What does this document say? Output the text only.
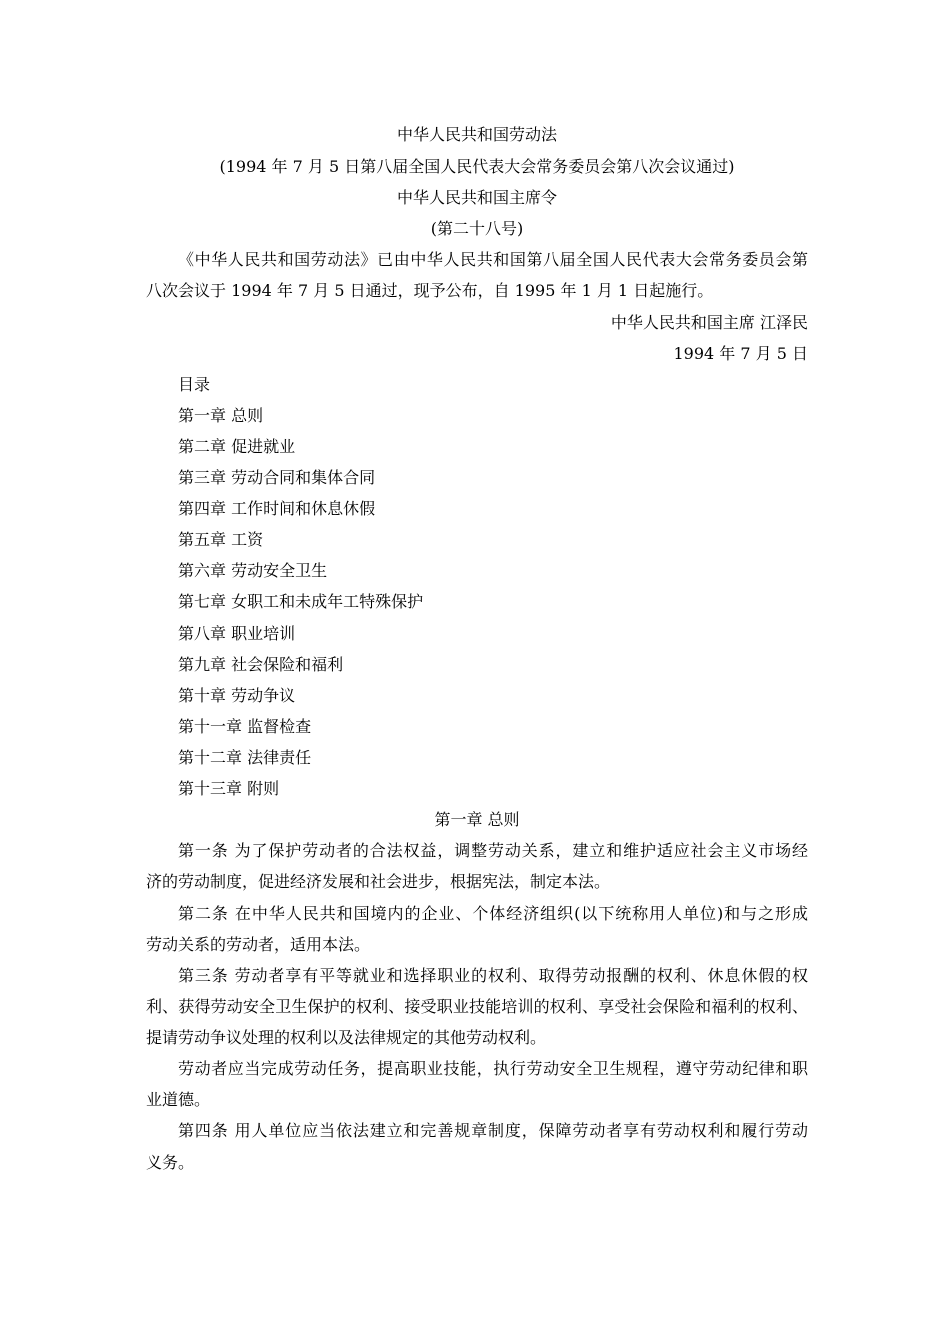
中华人民共和国劳动法
(1994 年 7 月 5 日第八届全国人民代表大会常务委员会第八次会议通过)
中华人民共和国主席令
(第二十八号)
《中华人民共和国劳动法》已由中华人民共和国第八届全国人民代表大会常务委员会第
八次会议于 1994 年 7 月 5 日通过，现予公布，自 1995 年 1 月 1 日起施行。
中华人民共和国主席 江泽民
1994 年 7 月 5 日
目录
第一章 总则
第二章 促进就业
第三章 劳动合同和集体合同
第四章 工作时间和休息休假
第五章 工资
第六章 劳动安全卫生
第七章 女职工和未成年工特殊保护
第八章 职业培训
第九章 社会保险和福利
第十章 劳动争议
第十一章 监督检查
第十二章 法律责任
第十三章 附则
第一章 总则
第一条 为了保护劳动者的合法权益，调整劳动关系，建立和维护适应社会主义市场经
济的劳动制度，促进经济发展和社会进步，根据宪法，制定本法。
第二条 在中华人民共和国境内的企业、个体经济组织(以下统称用人单位)和与之形成
劳动关系的劳动者，适用本法。
第三条 劳动者享有平等就业和选择职业的权利、取得劳动报酬的权利、休息休假的权
利、获得劳动安全卫生保护的权利、接受职业技能培训的权利、享受社会保险和福利的权利、
提请劳动争议处理的权利以及法律规定的其他劳动权利。
劳动者应当完成劳动任务，提高职业技能，执行劳动安全卫生规程，遵守劳动纪律和职
业道德。
第四条 用人单位应当依法建立和完善规章制度，保障劳动者享有劳动权利和履行劳动
义务。
